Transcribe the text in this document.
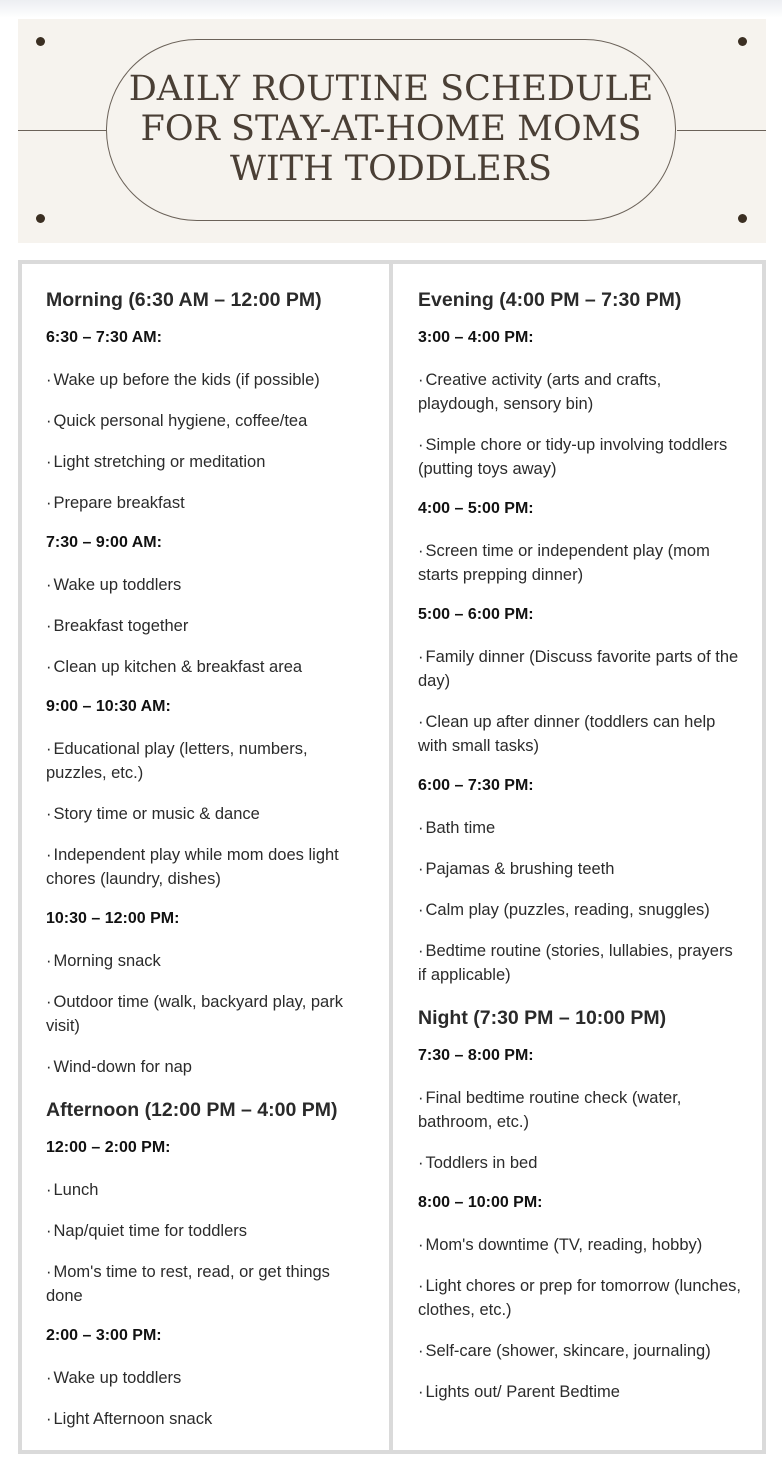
DAILY ROUTINE SCHEDULE
FOR STAY-AT-HOME MOMS
WITH TODDLERS
Morning (6:30 AM – 12:00 PM)
6:30 – 7:30 AM:
· Wake up before the kids (if possible)
· Quick personal hygiene, coffee/tea
· Light stretching or meditation
· Prepare breakfast
7:30 – 9:00 AM:
· Wake up toddlers
· Breakfast together
· Clean up kitchen & breakfast area
9:00 – 10:30 AM:
· Educational play (letters, numbers, puzzles, etc.)
· Story time or music & dance
· Independent play while mom does light chores (laundry, dishes)
10:30 – 12:00 PM:
· Morning snack
· Outdoor time (walk, backyard play, park visit)
· Wind-down for nap
Afternoon (12:00 PM – 4:00 PM)
12:00 – 2:00 PM:
· Lunch
· Nap/quiet time for toddlers
· Mom's time to rest, read, or get things done
2:00 – 3:00 PM:
· Wake up toddlers
· Light Afternoon snack
Evening (4:00 PM – 7:30 PM)
3:00 – 4:00 PM:
· Creative activity (arts and crafts, playdough, sensory bin)
· Simple chore or tidy-up involving toddlers (putting toys away)
4:00 – 5:00 PM:
· Screen time or independent play (mom starts prepping dinner)
5:00 – 6:00 PM:
· Family dinner (Discuss favorite parts of the day)
· Clean up after dinner (toddlers can help with small tasks)
6:00 – 7:30 PM:
· Bath time
· Pajamas & brushing teeth
· Calm play (puzzles, reading, snuggles)
· Bedtime routine (stories, lullabies, prayers if applicable)
Night (7:30 PM – 10:00 PM)
7:30 – 8:00 PM:
· Final bedtime routine check (water, bathroom, etc.)
· Toddlers in bed
8:00 – 10:00 PM:
· Mom's downtime (TV, reading, hobby)
· Light chores or prep for tomorrow (lunches, clothes, etc.)
· Self-care (shower, skincare, journaling)
· Lights out/ Parent Bedtime
